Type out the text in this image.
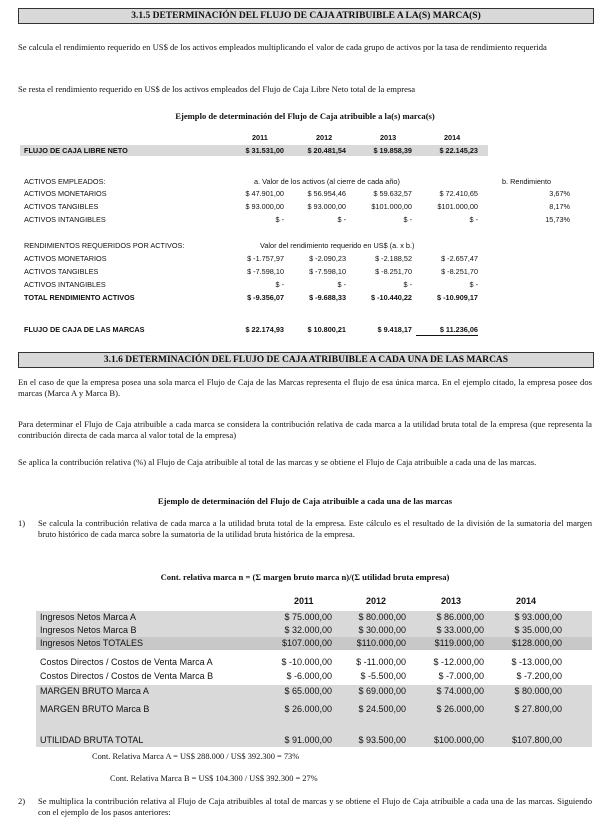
3.1.5 DETERMINACIÓN DEL FLUJO DE CAJA ATRIBUIBLE A LA(S) MARCA(S)
Se calcula el rendimiento requerido en US$ de los activos empleados multiplicando el valor de cada grupo de activos por la tasa de rendimiento requerida
Se resta el rendimiento requerido en US$ de los activos empleados del Flujo de Caja Libre Neto total de la empresa
Ejemplo de determinación del Flujo de Caja atribuible a la(s) marca(s)
2011	2012	2013	2014
FLUJO DE CAJA LIBRE NETO	$ 31.531,00	$ 20.481,54	$ 19.858,39	$ 22.145,23
ACTIVOS EMPLEADOS:	a. Valor de los activos (al cierre de cada año)	b. Rendimiento
ACTIVOS MONETARIOS	$ 47.901,00	$ 56.954,46	$ 59.632,57	$ 72.410,65	3,67%
ACTIVOS TANGIBLES	$ 93.000,00	$ 93.000,00	$101.000,00	$101.000,00	8,17%
ACTIVOS INTANGIBLES	$ -	$ -	$ -	$ -	15,73%
RENDIMIENTOS REQUERIDOS POR ACTIVOS:	Valor del rendimiento requerido en US$ (a. x b.)
ACTIVOS MONETARIOS	$ -1.757,97	$ -2.090,23	$ -2.188,52	$ -2.657,47
ACTIVOS TANGIBLES	$ -7.598,10	$ -7.598,10	$ -8.251,70	$ -8.251,70
ACTIVOS INTANGIBLES	$ -	$ -	$ -	$ -
TOTAL RENDIMIENTO ACTIVOS	$ -9.356,07	$ -9.688,33	$ -10.440,22	$ -10.909,17
FLUJO DE CAJA DE LAS MARCAS	$ 22.174,93	$ 10.800,21	$ 9.418,17	$ 11.236,06
3.1.6 DETERMINACIÓN DEL FLUJO DE CAJA ATRIBUIBLE A CADA UNA DE LAS MARCAS
En el caso de que la empresa posea una sola marca el Flujo de Caja de las Marcas representa el flujo de esa única marca. En el ejemplo citado, la empresa posee dos marcas (Marca A y Marca B).
Para determinar el Flujo de Caja atribuible a cada marca se considera la contribución relativa de cada marca a la utilidad bruta total de la empresa (que representa la contribución directa de cada marca al valor total de la empresa)
Se aplica la contribución relativa (%) al Flujo de Caja atribuible al total de las marcas y se obtiene el Flujo de Caja atribuible a cada una de las marcas.
Ejemplo de determinación del Flujo de Caja atribuible a cada una de las marcas
1)	Se calcula la contribución relativa de cada marca a la utilidad bruta total de la empresa. Este cálculo es el resultado de la división de la sumatoria del margen bruto histórico de cada marca sobre la sumatoria de la utilidad bruta histórica de la empresa.
Cont. relativa marca n = (Σ margen bruto marca n)/(Σ utilidad bruta empresa)
2011	2012	2013	2014
Ingresos Netos Marca A	$ 75.000,00	$ 80.000,00	$ 86.000,00	$ 93.000,00
Ingresos Netos Marca B	$ 32.000,00	$ 30.000,00	$ 33.000,00	$ 35.000,00
Ingresos Netos TOTALES	$107.000,00	$110.000,00	$119.000,00	$128.000,00
Costos Directos / Costos de Venta Marca A	$ -10.000,00	$ -11.000,00	$ -12.000,00	$ -13.000,00
Costos Directos / Costos de Venta Marca B	$ -6.000,00	$ -5.500,00	$ -7.000,00	$ -7.200,00
MARGEN BRUTO Marca A	$ 65.000,00	$ 69.000,00	$ 74.000,00	$ 80.000,00
MARGEN BRUTO Marca B	$ 26.000,00	$ 24.500,00	$ 26.000,00	$ 27.800,00
UTILIDAD BRUTA TOTAL	$ 91.000,00	$ 93.500,00	$100.000,00	$107.800,00
Cont. Relativa Marca A = US$ 288.000 / US$ 392.300 = 73%
Cont. Relativa Marca B = US$ 104.300 / US$ 392.300 = 27%
2)	Se multiplica la contribución relativa al Flujo de Caja atribuibles al total de marcas y se obtiene el Flujo de Caja atribuible a cada una de las marcas. Siguiendo con el ejemplo de los pasos anteriores:
